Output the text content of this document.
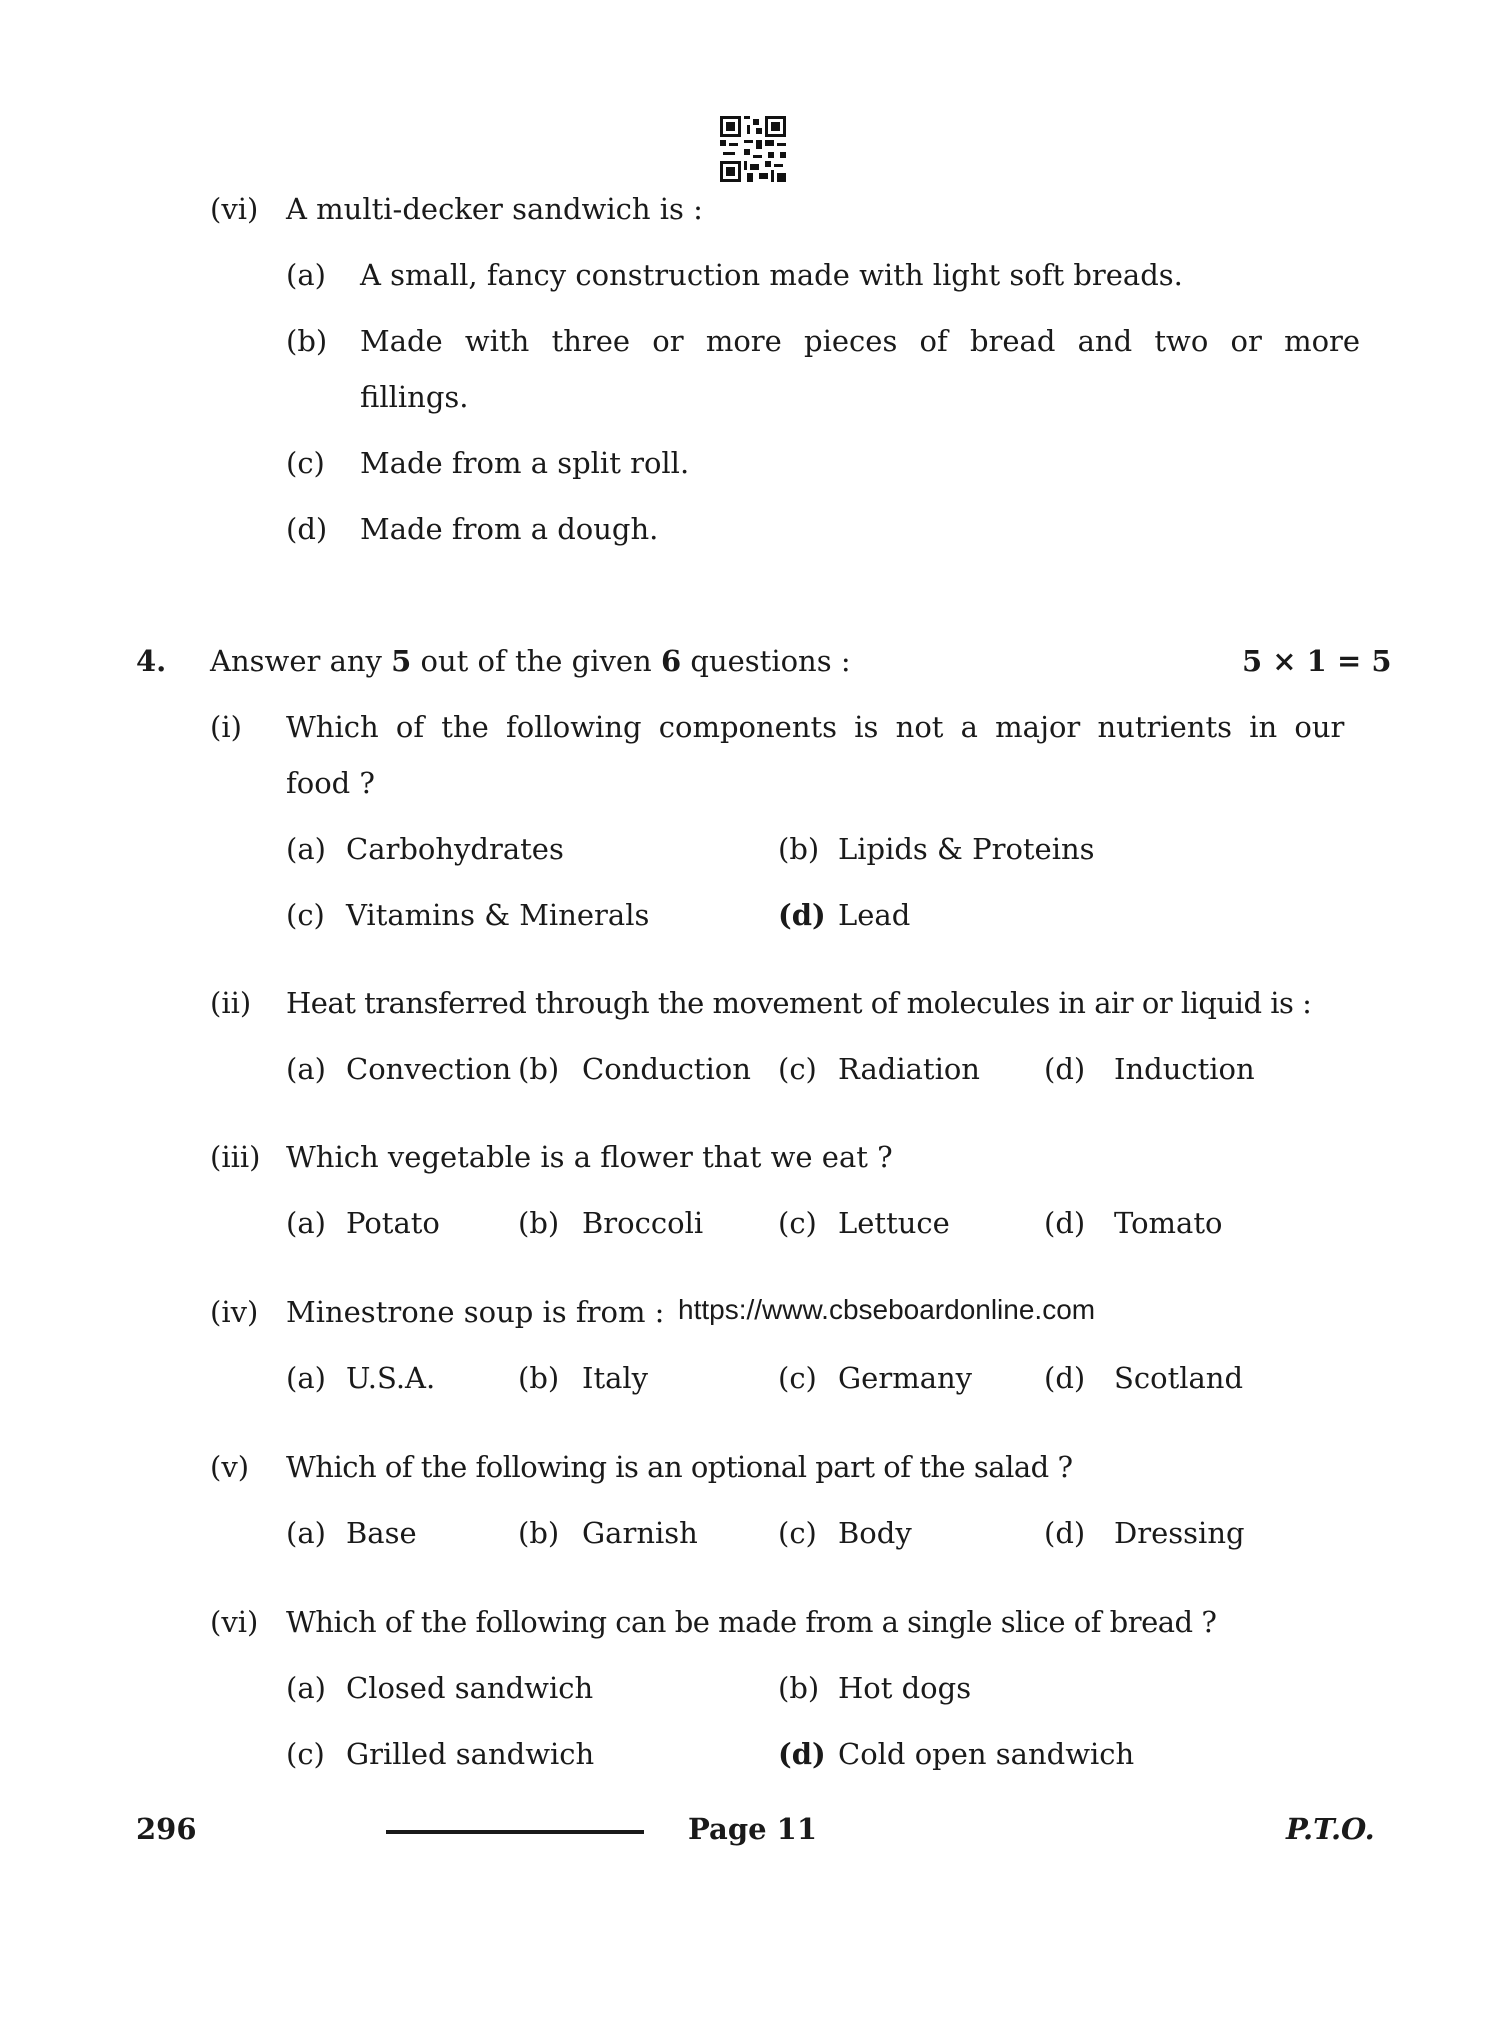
(vi) A multi-decker sandwich is :
(a) A small, fancy construction made with light soft breads.
(b) Made with three or more pieces of bread and two or more
fillings.
(c) Made from a split roll.
(d) Made from a dough.
4. Answer any 5 out of the given 6 questions :	5 × 1 = 5
(i) Which of the following components is not a major nutrients in our
food ?
(a) Carbohydrates	(b) Lipids & Proteins
(c) Vitamins & Minerals	(d) Lead
(ii) Heat transferred through the movement of molecules in air or liquid is :
(a) Convection (b) Conduction (c) Radiation (d) Induction
(iii) Which vegetable is a flower that we eat ?
(a) Potato	(b) Broccoli	(c) Lettuce	(d) Tomato
(iv) Minestrone soup is from : https://www.cbseboardonline.com
(a) U.S.A.	(b) Italy	(c) Germany (d) Scotland
(v) Which of the following is an optional part of the salad ?
(a) Base	(b) Garnish	(c) Body	(d) Dressing
(vi) Which of the following can be made from a single slice of bread ?
(a) Closed sandwich	(b) Hot dogs
(c) Grilled sandwich	(d) Cold open sandwich
296	Page 11	P.T.O.
